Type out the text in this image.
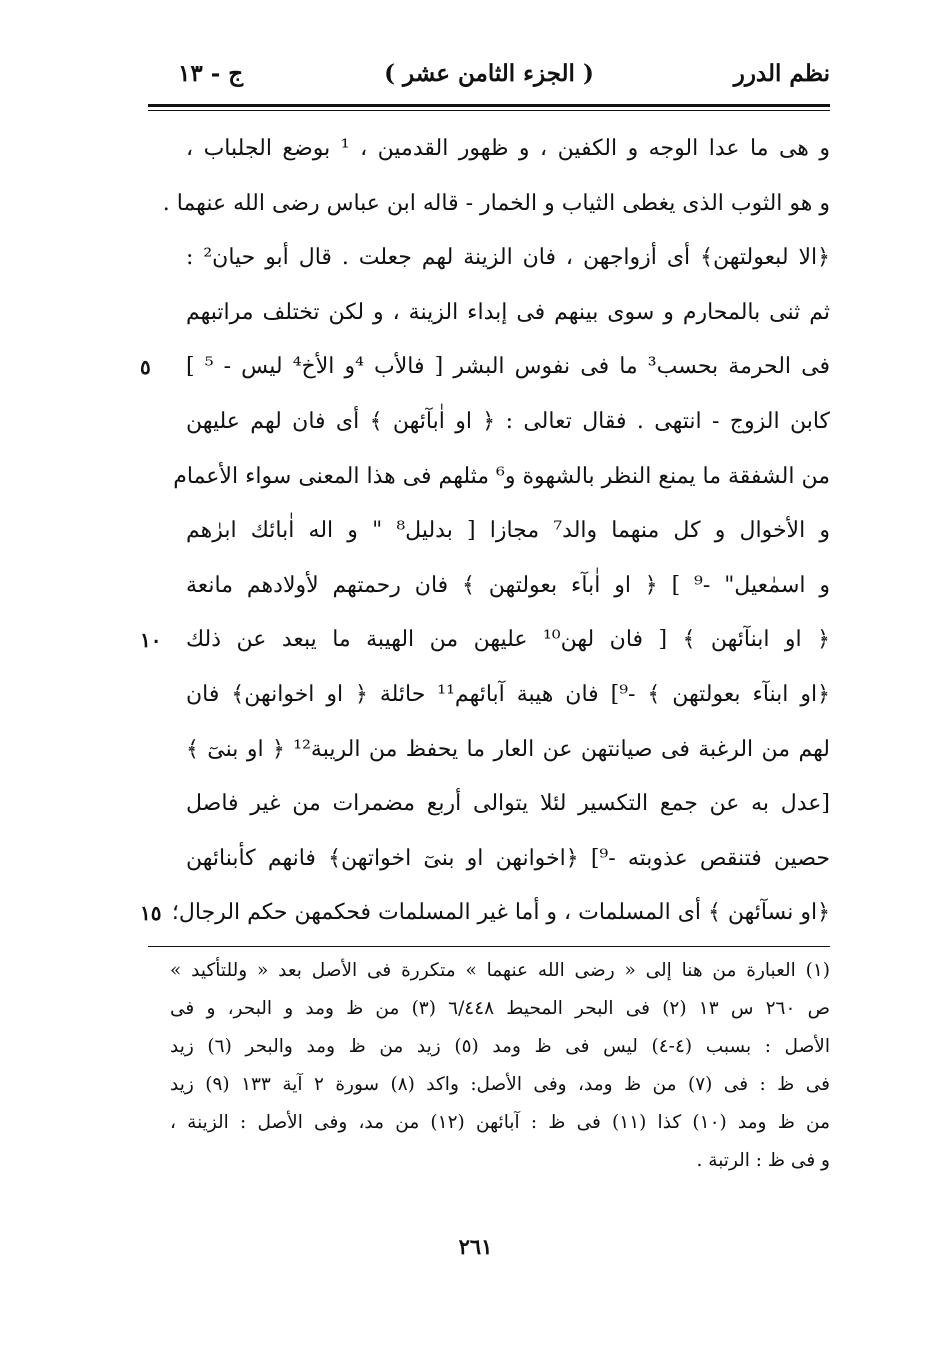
نظم الدرر
( الجزء الثامن عشر )
ج - ١٣
و هى ما عدا الوجه و الكفين ، و ظهور القدمين ، ¹ بوضع الجلباب ،
و هو الثوب الذى يغطى الثياب و الخمار - قاله ابن عباس رضى الله عنهما .
﴿الا لبعولتهن﴾ أى أزواجهن ، فان الزينة لهم جعلت . قال أبو حيان² :
ثم ثنى بالمحارم و سوى بينهم فى إبداء الزينة ، و لكن تختلف مراتبهم
فى الحرمة بحسب³ ما فى نفوس البشر [ فالأب ⁴و الأخ⁴ ليس - ⁵ ]
٥
كابن الزوج - انتهى . فقال تعالى : ﴿ او اٰبآئهن ﴾ أى فان لهم عليهن
من الشفقة ما يمنع النظر بالشهوة و⁶ مثلهم فى هذا المعنى سواء الأعمام
و الأخوال و كل منهما والد⁷ مجازا [ بدليل⁸ " و اله اٰبائك ابرٰهم
و اسمٰعيل" -⁹ ] ﴿ او اٰبآء بعولتهن ﴾ فان رحمتهم لأولادهم مانعة
﴿ او ابنآئهن ﴾ [ فان لهن¹⁰ عليهن من الهيبة ما يبعد عن ذلك
١٠
﴿او ابنآء بعولتهن ﴾ -⁹] فان هيبة آبائهم¹¹ حائلة ﴿ او اخوانهن﴾ فان
لهم من الرغبة فى صيانتهن عن العار ما يحفظ من الريبة¹² ﴿ او بنىٓ ﴾
[عدل به عن جمع التكسير لئلا يتوالى أربع مضمرات من غير فاصل
حصين فتنقص عذوبته -⁹] ﴿اخوانهن او بنىٓ اخواتهن﴾ فانهم كأبنائهن
﴿او نسآئهن ﴾ أى المسلمات ، و أما غير المسلمات فحكمهن حكم الرجال؛
١٥
(١) العبارة من هنا إلى « رضى الله عنهما » متكررة فى الأصل بعد « وللتأكيد »
ص ٢٦٠ س ١٣ (٢) فى البحر المحيط ٦/٤٤٨ (٣) من ظ ومد و البحر، و فى
الأصل : بسبب (٤-٤) ليس فى ظ ومد (٥) زيد من ظ ومد والبحر (٦) زيد
فى ظ : فى (٧) من ظ ومد، وفى الأصل: واكد (٨) سورة ٢ آية ١٣٣ (٩) زيد
من ظ ومد (١٠) كذا (١١) فى ظ : آبائهن (١٢) من مد، وفى الأصل : الزينة ،
و فى ظ : الرتبة .
٢٦١
